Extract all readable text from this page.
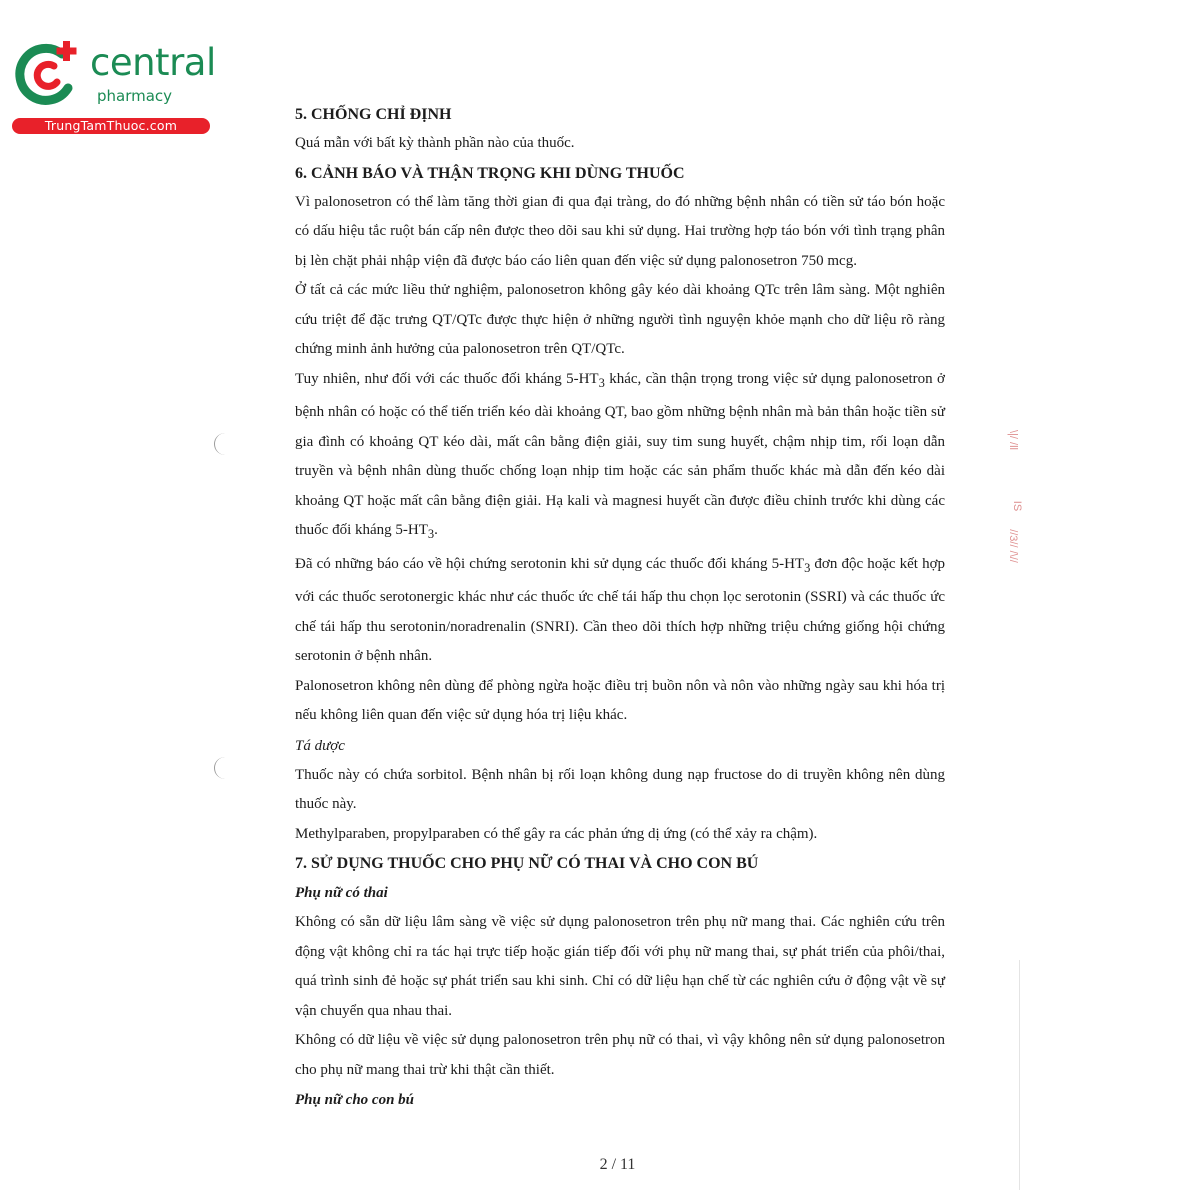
central
pharmacy
TrungTamThuoc.com
\|/ /ll
IS
//3// /\//
5. CHỐNG CHỈ ĐỊNH
Quá mẫn với bất kỳ thành phần nào của thuốc.
6. CẢNH BÁO VÀ THẬN TRỌNG KHI DÙNG THUỐC
Vì palonosetron có thể làm tăng thời gian đi qua đại tràng, do đó những bệnh nhân có tiền sử táo bón hoặc có dấu hiệu tắc ruột bán cấp nên được theo dõi sau khi sử dụng. Hai trường hợp táo bón với tình trạng phân bị lèn chặt phải nhập viện đã được báo cáo liên quan đến việc sử dụng palonosetron 750 mcg.
Ở tất cả các mức liều thử nghiệm, palonosetron không gây kéo dài khoảng QTc trên lâm sàng. Một nghiên cứu triệt để đặc trưng QT/QTc được thực hiện ở những người tình nguyện khỏe mạnh cho dữ liệu rõ ràng chứng minh ảnh hưởng của palonosetron trên QT/QTc.
Tuy nhiên, như đối với các thuốc đối kháng $5-HT_3$ khác, cần thận trọng trong việc sử dụng palonosetron ở bệnh nhân có hoặc có thể tiến triển kéo dài khoảng QT, bao gồm những bệnh nhân mà bản thân hoặc tiền sử gia đình có khoảng QT kéo dài, mất cân bằng điện giải, suy tim sung huyết, chậm nhịp tim, rối loạn dẫn truyền và bệnh nhân dùng thuốc chống loạn nhịp tim hoặc các sản phẩm thuốc khác mà dẫn đến kéo dài khoảng QT hoặc mất cân bằng điện giải. Hạ kali và magnesi huyết cần được điều chỉnh trước khi dùng các thuốc đối kháng $5-HT_3$.
Đã có những báo cáo về hội chứng serotonin khi sử dụng các thuốc đối kháng $5-HT_3$ đơn độc hoặc kết hợp với các thuốc serotonergic khác như các thuốc ức chế tái hấp thu chọn lọc serotonin (SSRI) và các thuốc ức chế tái hấp thu serotonin/noradrenalin (SNRI). Cần theo dõi thích hợp những triệu chứng giống hội chứng serotonin ở bệnh nhân.
Palonosetron không nên dùng để phòng ngừa hoặc điều trị buồn nôn và nôn vào những ngày sau khi hóa trị nếu không liên quan đến việc sử dụng hóa trị liệu khác.
Tá dược
Thuốc này có chứa sorbitol. Bệnh nhân bị rối loạn không dung nạp fructose do di truyền không nên dùng thuốc này.
Methylparaben, propylparaben có thể gây ra các phản ứng dị ứng (có thể xảy ra chậm).
7. SỬ DỤNG THUỐC CHO PHỤ NỮ CÓ THAI VÀ CHO CON BÚ
Phụ nữ có thai
Không có sẵn dữ liệu lâm sàng về việc sử dụng palonosetron trên phụ nữ mang thai. Các nghiên cứu trên động vật không chỉ ra tác hại trực tiếp hoặc gián tiếp đối với phụ nữ mang thai, sự phát triển của phôi/thai, quá trình sinh đẻ hoặc sự phát triển sau khi sinh. Chỉ có dữ liệu hạn chế từ các nghiên cứu ở động vật về sự vận chuyển qua nhau thai.
Không có dữ liệu về việc sử dụng palonosetron trên phụ nữ có thai, vì vậy không nên sử dụng palonosetron cho phụ nữ mang thai trừ khi thật cần thiết.
Phụ nữ cho con bú
2 / 11
